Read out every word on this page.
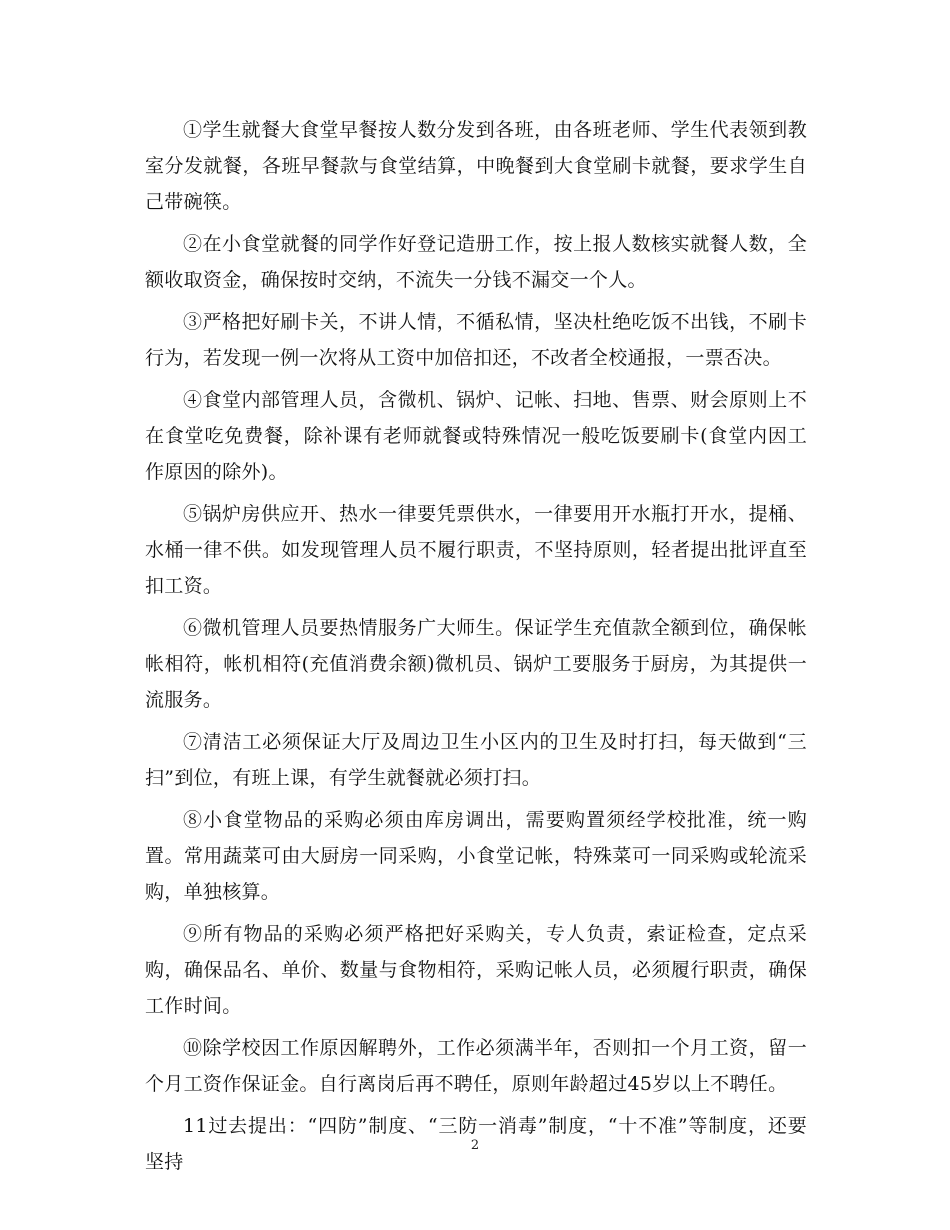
①学生就餐大食堂早餐按人数分发到各班，由各班老师、学生代表领到教室分发就餐，各班早餐款与食堂结算，中晚餐到大食堂刷卡就餐，要求学生自己带碗筷。

②在小食堂就餐的同学作好登记造册工作，按上报人数核实就餐人数，全额收取资金，确保按时交纳，不流失一分钱不漏交一个人。

③严格把好刷卡关，不讲人情，不循私情，坚决杜绝吃饭不出钱，不刷卡行为，若发现一例一次将从工资中加倍扣还，不改者全校通报，一票否决。

④食堂内部管理人员，含微机、锅炉、记帐、扫地、售票、财会原则上不在食堂吃免费餐，除补课有老师就餐或特殊情况一般吃饭要刷卡(食堂内因工作原因的除外)。

⑤锅炉房供应开、热水一律要凭票供水，一律要用开水瓶打开水，提桶、水桶一律不供。如发现管理人员不履行职责，不坚持原则，轻者提出批评直至扣工资。

⑥微机管理人员要热情服务广大师生。保证学生充值款全额到位，确保帐帐相符，帐机相符(充值消费余额)微机员、锅炉工要服务于厨房，为其提供一流服务。

⑦清洁工必须保证大厅及周边卫生小区内的卫生及时打扫，每天做到“三扫”到位，有班上课，有学生就餐就必须打扫。

⑧小食堂物品的采购必须由库房调出，需要购置须经学校批准，统一购置。常用蔬菜可由大厨房一同采购，小食堂记帐，特殊菜可一同采购或轮流采购，单独核算。

⑨所有物品的采购必须严格把好采购关，专人负责，索证检查，定点采购，确保品名、单价、数量与食物相符，采购记帐人员，必须履行职责，确保工作时间。

⑩除学校因工作原因解聘外，工作必须满半年，否则扣一个月工资，留一个月工资作保证金。自行离岗后再不聘任，原则年龄超过45岁以上不聘任。

11过去提出：“四防”制度、“三防一消毒”制度，“十不准”等制度，还要坚持

2
